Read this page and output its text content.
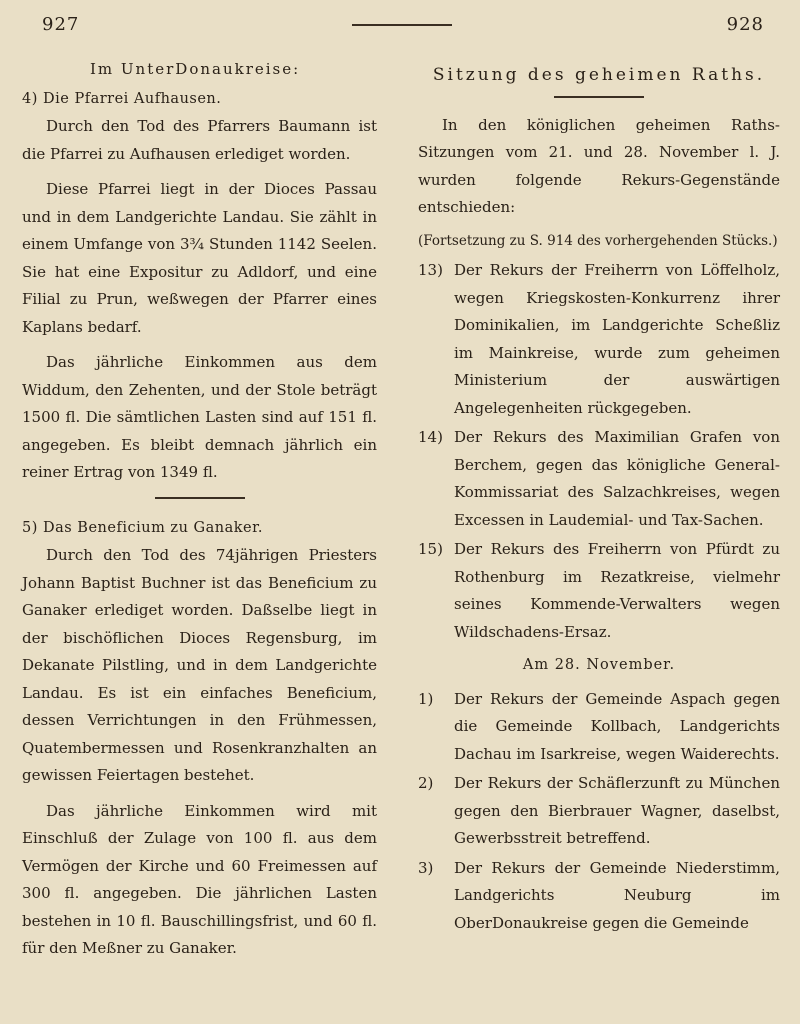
927	928

Im UnterDonaukreise:

4) Die Pfarrei Aufhausen.

Durch den Tod des Pfarrers Baumann ist die Pfarrei zu Aufhausen erlediget worden.

Diese Pfarrei liegt in der Dioces Passau und in dem Landgerichte Landau. Sie zählt in einem Umfange von 3¾ Stunden 1142 Seelen. Sie hat eine Expositur zu Adldorf, und eine Filial zu Prun, weßwegen der Pfarrer eines Kaplans bedarf.

Das jährliche Einkommen aus dem Widdum, den Zehenten, und der Stole beträgt 1500 fl. Die sämtlichen Lasten sind auf 151 fl. angegeben. Es bleibt demnach jährlich ein reiner Ertrag von 1349 fl.

5) Das Beneficium zu Ganaker.

Durch den Tod des 74jährigen Priesters Johann Baptist Buchner ist das Beneficium zu Ganaker erlediget worden. Daßselbe liegt in der bischöflichen Dioces Regensburg, im Dekanate Pilstling, und in dem Landgerichte Landau. Es ist ein einfaches Beneficium, dessen Verrichtungen in den Frühmessen, Quatembermessen und Rosenkranzhalten an gewissen Feiertagen bestehet.

Das jährliche Einkommen wird mit Einschluß der Zulage von 100 fl. aus dem Vermögen der Kirche und 60 Freimessen auf 300 fl. angegeben. Die jährlichen Lasten bestehen in 10 fl. Bauschillingsfrist, und 60 fl. für den Meßner zu Ganaker.

Sitzung des geheimen Raths.

In den königlichen geheimen Raths-Sitzungen vom 21. und 28. November l. J. wurden folgende Rekurs-Gegenstände entschieden:

(Fortsetzung zu S. 914 des vorhergehenden Stücks.)

13) Der Rekurs der Freiherrn von Löffelholz, wegen Kriegskosten-Konkurrenz ihrer Dominikalien, im Landgerichte Scheßliz im Mainkreise, wurde zum geheimen Ministerium der auswärtigen Angelegenheiten rückgegeben.

14) Der Rekurs des Maximilian Grafen von Berchem, gegen das königliche General-Kommissariat des Salzachkreises, wegen Excessen in Laudemial- und Tax-Sachen.

15) Der Rekurs des Freiherrn von Pfürdt zu Rothenburg im Rezatkreise, vielmehr seines Kommende-Verwalters wegen Wildschadens-Ersaz.

Am 28. November.

1) Der Rekurs der Gemeinde Aspach gegen die Gemeinde Kollbach, Landgerichts Dachau im Isarkreise, wegen Waiderechts.

2) Der Rekurs der Schäflerzunft zu München gegen den Bierbrauer Wagner, daselbst, Gewerbsstreit betreffend.

3) Der Rekurs der Gemeinde Niederstimm, Landgerichts Neuburg im OberDonaukreise gegen die Gemeinde
